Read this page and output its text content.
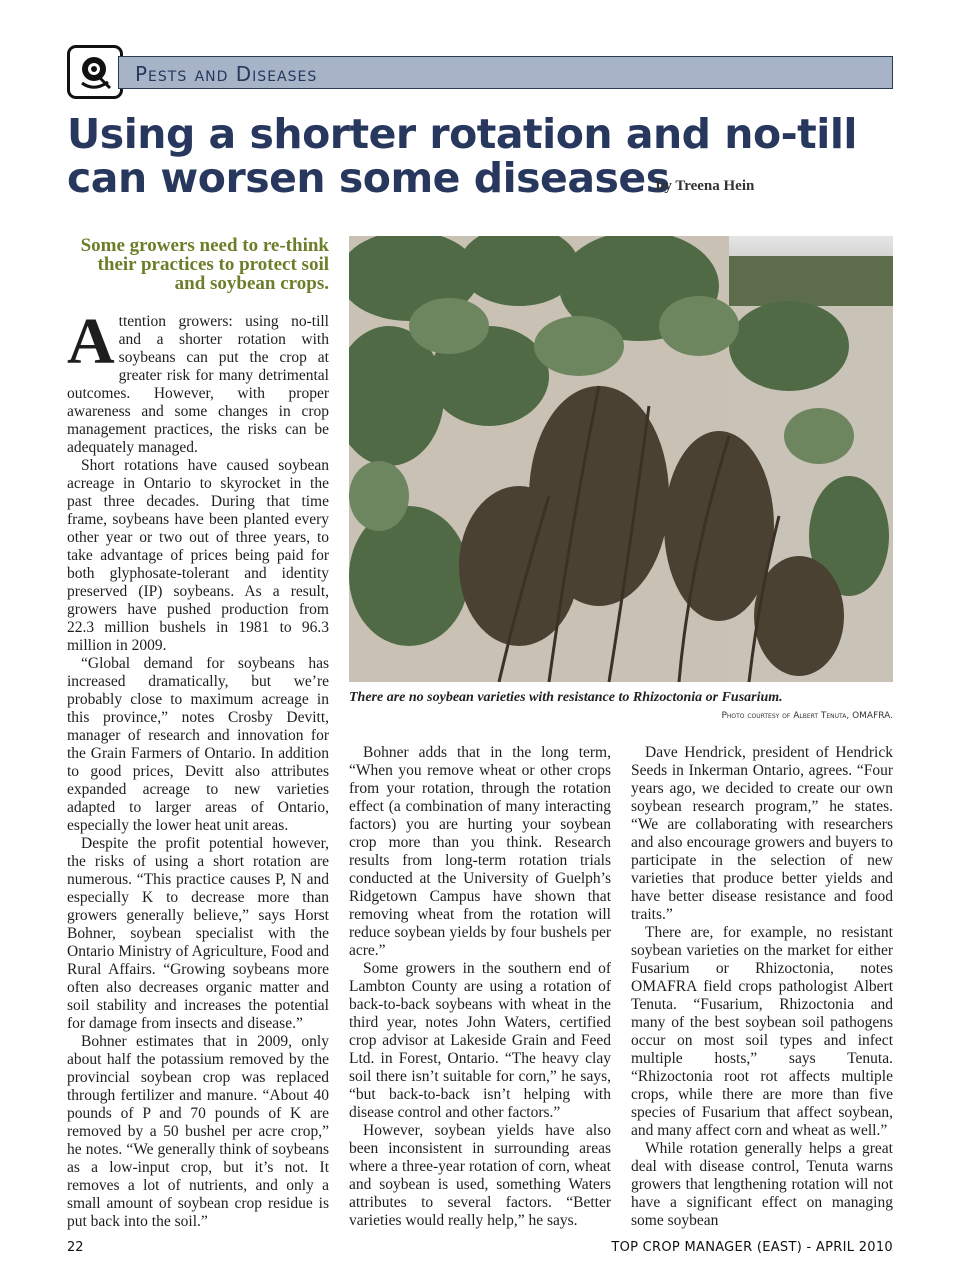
Pests and Diseases
Using a shorter rotation and no-till can worsen some diseases
by Treena Hein
Some growers need to re-think their practices to protect soil and soybean crops.

Attention growers: using no-till and a shorter rotation with soybeans can put the crop at greater risk for many detrimental outcomes. However, with proper awareness and some changes in crop management practices, the risks can be adequately managed.

Short rotations have caused soybean acreage in Ontario to skyrocket in the past three decades. During that time frame, soybeans have been planted every other year or two out of three years, to take advantage of prices being paid for both glyphosate-tolerant and identity preserved (IP) soybeans. As a result, growers have pushed production from 22.3 million bushels in 1981 to 96.3 million in 2009.

“Global demand for soybeans has increased dramatically, but we’re probably close to maximum acreage in this province,” notes Crosby Devitt, manager of research and innovation for the Grain Farmers of Ontario. In addition to good prices, Devitt also attributes expanded acreage to new varieties adapted to larger areas of Ontario, especially the lower heat unit areas.

Despite the profit potential however, the risks of using a short rotation are numerous. “This practice causes P, N and especially K to decrease more than growers generally believe,” says Horst Bohner, soybean specialist with the Ontario Ministry of Agriculture, Food and Rural Affairs. “Growing soybeans more often also decreases organic matter and soil stability and increases the potential for damage from insects and disease.”

Bohner estimates that in 2009, only about half the potassium removed by the provincial soybean crop was replaced through fertilizer and manure. “About 40 pounds of P and 70 pounds of K are removed by a 50 bushel per acre crop,” he notes. “We generally think of soybeans as a low-input crop, but it’s not. It removes a lot of nutrients, and only a small amount of soybean crop residue is put back into the soil.”

There are no soybean varieties with resistance to Rhizoctonia or Fusarium.
Photo courtesy of Albert Tenuta, OMAFRA.

Bohner adds that in the long term, “When you remove wheat or other crops from your rotation, through the rotation effect (a combination of many interacting factors) you are hurting your soybean crop more than you think. Research results from long-term rotation trials conducted at the University of Guelph’s Ridgetown Campus have shown that removing wheat from the rotation will reduce soybean yields by four bushels per acre.”

Some growers in the southern end of Lambton County are using a rotation of back-to-back soybeans with wheat in the third year, notes John Waters, certified crop advisor at Lakeside Grain and Feed Ltd. in Forest, Ontario. “The heavy clay soil there isn’t suitable for corn,” he says, “but back-to-back isn’t helping with disease control and other factors.”

However, soybean yields have also been inconsistent in surrounding areas where a three-year rotation of corn, wheat and soybean is used, something Waters attributes to several factors. “Better varieties would really help,” he says.

Dave Hendrick, president of Hendrick Seeds in Inkerman Ontario, agrees. “Four years ago, we decided to create our own soybean research program,” he states. “We are collaborating with researchers and also encourage growers and buyers to participate in the selection of new varieties that produce better yields and have better disease resistance and food traits.”

There are, for example, no resistant soybean varieties on the market for either Fusarium or Rhizoctonia, notes OMAFRA field crops pathologist Albert Tenuta. “Fusarium, Rhizoctonia and many of the best soybean soil pathogens occur on most soil types and infect multiple hosts,” says Tenuta. “Rhizoctonia root rot affects multiple crops, while there are more than five species of Fusarium that affect soybean, and many affect corn and wheat as well.”

While rotation generally helps a great deal with disease control, Tenuta warns growers that lengthening rotation will not have a significant effect on managing some soybean

22	TOP CROP MANAGER (EAST) - APRIL 2010
